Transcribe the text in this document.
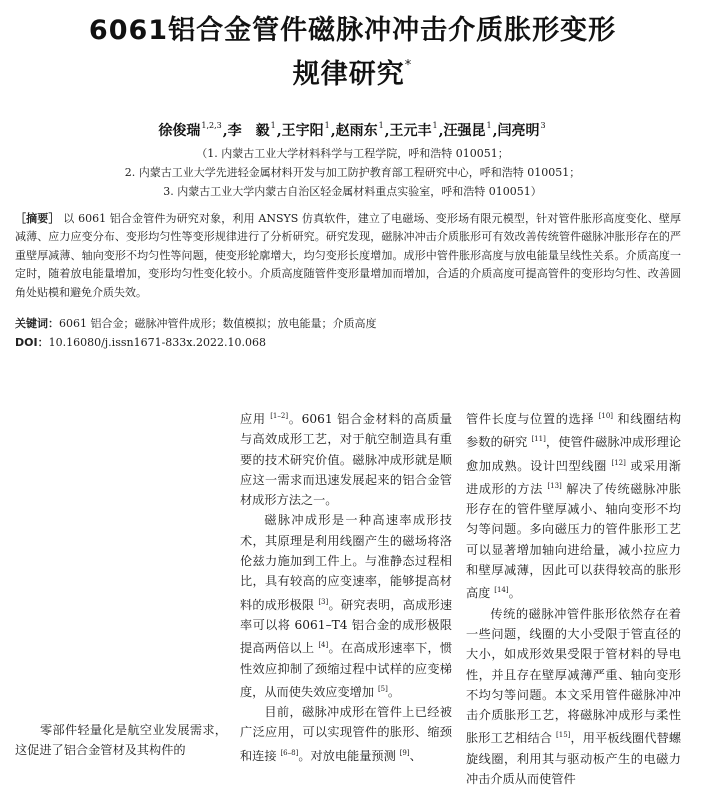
6061铝合金管件磁脉冲冲击介质胀形变形
规律研究*
徐俊瑞$^{1,2,3}$,李　毅$^1$,王宇阳$^1$,赵雨东$^1$,王元丰$^1$,汪强昆$^1$,闫亮明$^3$
（1. 内蒙古工业大学材料科学与工程学院，呼和浩特 010051；
2. 内蒙古工业大学先进轻金属材料开发与加工防护教育部工程研究中心，呼和浩特 010051；
3. 内蒙古工业大学内蒙古自治区轻金属材料重点实验室，呼和浩特 010051）
［摘要］ 以 6061 铝合金管件为研究对象，利用 ANSYS 仿真软件，建立了电磁场、变形场有限元模型，针对管件胀形高度变化、壁厚减薄、应力应变分布、变形均匀性等变形规律进行了分析研究。研究发现，磁脉冲冲击介质胀形可有效改善传统管件磁脉冲胀形存在的严重壁厚减薄、轴向变形不均匀性等问题，使变形轮廓增大，均匀变形长度增加。成形中管件胀形高度与放电能量呈线性关系。介质高度一定时，随着放电能量增加，变形均匀性变化较小。介质高度随管件变形量增加而增加，合适的介质高度可提高管件的变形均匀性、改善圆角处贴模和避免介质失效。
关键词：6061 铝合金；磁脉冲管件成形；数值模拟；放电能量；介质高度
DOI：10.16080/j.issn1671-833x.2022.10.068

　　零部件轻量化是航空业发展需求，这促进了铝合金管材及其构件的

应用 [1–2]。6061 铝合金材料的高质量与高效成形工艺，对于航空制造具有重要的技术研究价值。磁脉冲成形就是顺应这一需求而迅速发展起来的铝合金管材成形方法之一。

磁脉冲成形是一种高速率成形技术，其原理是利用线圈产生的磁场将洛伦兹力施加到工件上。与准静态过程相比，具有较高的应变速率，能够提高材料的成形极限 [3]。研究表明，高成形速率可以将 6061–T4 铝合金的成形极限提高两倍以上 [4]。在高成形速率下，惯性效应抑制了颈缩过程中试样的应变梯度，从而使失效应变增加 [5]。

目前，磁脉冲成形在管件上已经被广泛应用，可以实现管件的胀形、缩颈和连接 [6–8]。对放电能量预测 [9]、

管件长度与位置的选择 [10] 和线圈结构参数的研究 [11]，使管件磁脉冲成形理论愈加成熟。设计凹型线圈 [12] 或采用渐进成形的方法 [13] 解决了传统磁脉冲胀形存在的管件壁厚减小、轴向变形不均匀等问题。多向磁压力的管件胀形工艺可以显著增加轴向进给量，减小拉应力和壁厚减薄，因此可以获得较高的胀形高度 [14]。

传统的磁脉冲管件胀形依然存在着一些问题，线圈的大小受限于管直径的大小，如成形效果受限于管材料的导电性，并且存在壁厚减薄严重、轴向变形不均匀等问题。本文采用管件磁脉冲冲击介质胀形工艺，将磁脉冲成形与柔性胀形工艺相结合 [15]，用平板线圈代替螺旋线圈，利用其与驱动板产生的电磁力冲击介质从而使管件
